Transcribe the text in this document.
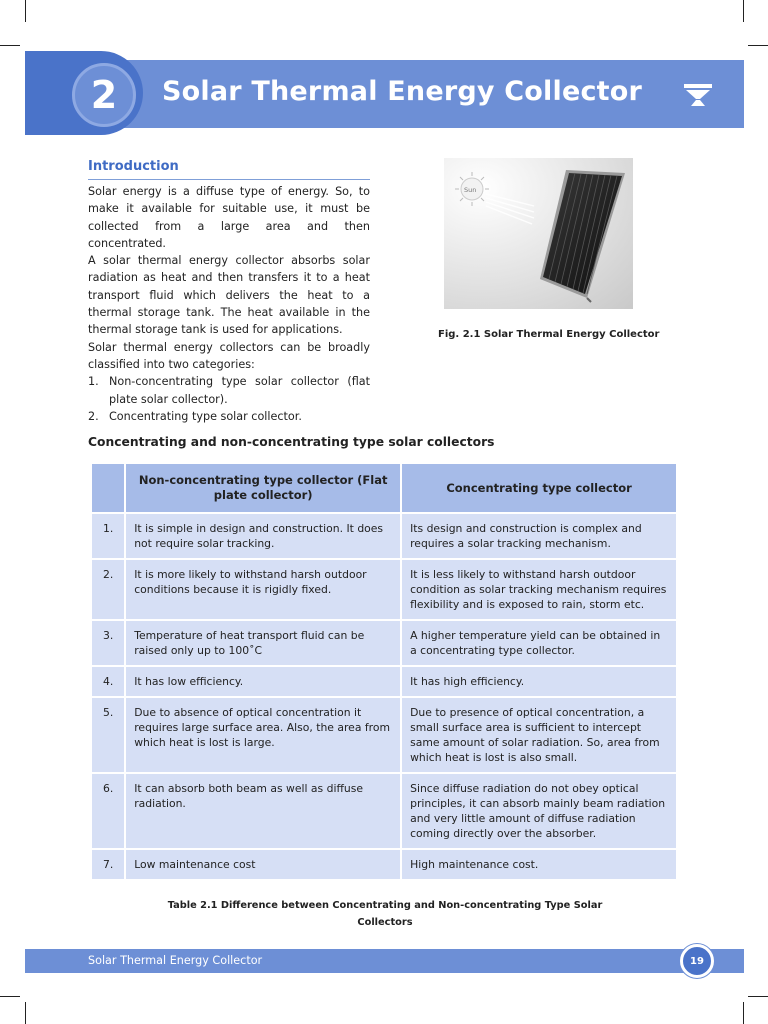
2 Solar Thermal Energy Collector
Introduction

Solar energy is a diffuse type of energy. So, to make it available for suitable use, it must be collected from a large area and then concentrated.

A solar thermal energy collector absorbs solar radiation as heat and then transfers it to a heat transport fluid which delivers the heat to a thermal storage tank. The heat available in the thermal storage tank is used for applications.

Solar thermal energy collectors can be broadly classified into two categories:

1. Non-concentrating type solar collector (flat plate solar collector).
2. Concentrating type solar collector.
Sun
Fig. 2.1 Solar Thermal Energy Collector
Concentrating and non-concentrating type solar collectors
	Non-concentrating type collector (Flat plate collector)	Concentrating type collector
1.	It is simple in design and construction. It does not require solar tracking.	Its design and construction is complex and requires a solar tracking mechanism.
2.	It is more likely to withstand harsh outdoor conditions because it is rigidly fixed.	It is less likely to withstand harsh outdoor condition as solar tracking mechanism requires flexibility and is exposed to rain, storm etc.
3.	Temperature of heat transport fluid can be raised only up to 100˚C	A higher temperature yield can be obtained in a concentrating type collector.
4.	It has low efficiency.	It has high efficiency.
5.	Due to absence of optical concentration it requires large surface area. Also, the area from which heat is lost is large.	Due to presence of optical concentration, a small surface area is sufficient to intercept same amount of solar radiation. So, area from which heat is lost is also small.
6.	It can absorb both beam as well as diffuse radiation.	Since diffuse radiation do not obey optical principles, it can absorb mainly beam radiation and very little amount of diffuse radiation coming directly over the absorber.
7.	Low maintenance cost	High maintenance cost.
Table 2.1 Difference between Concentrating and Non-concentrating Type Solar Collectors
Solar Thermal Energy Collector	19
